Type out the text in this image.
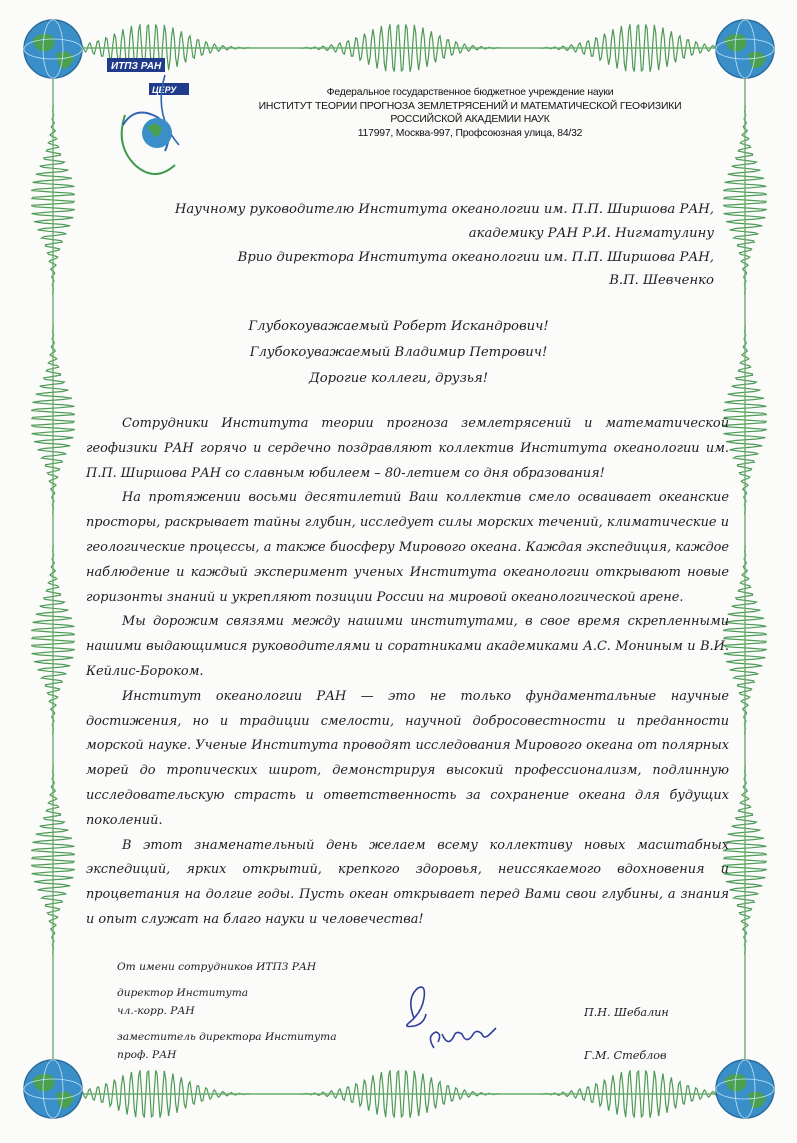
ИТПЗ РАН
ЦЕРУ	Федеральное государственное бюджетное учреждение науки
ИНСТИТУТ ТЕОРИИ ПРОГНОЗА ЗЕМЛЕТРЯСЕНИЙ И МАТЕМАТИЧЕСКОЙ ГЕОФИЗИКИ
РОССИЙСКОЙ АКАДЕМИИ НАУК
117997, Москва-997, Профсоюзная улица, 84/32
Научному руководителю Института океанологии им. П.П. Ширшова РАН,
академику РАН Р.И. Нигматулину
Врио директора Института океанологии им. П.П. Ширшова РАН,
В.П. Шевченко
Глубокоуважаемый Роберт Искандрович!
Глубокоуважаемый Владимир Петрович!
Дорогие коллеги, друзья!

Сотрудники Института теории прогноза землетрясений и математической геофизики РАН горячо и сердечно поздравляют коллектив Института океанологии им. П.П. Ширшова РАН со славным юбилеем – 80-летием со дня образования!

На протяжении восьми десятилетий Ваш коллектив смело осваивает океанские просторы, раскрывает тайны глубин, исследует силы морских течений, климатические и геологические процессы, а также биосферу Мирового океана. Каждая экспедиция, каждое наблюдение и каждый эксперимент ученых Института океанологии открывают новые горизонты знаний и укрепляют позиции России на мировой океанологической арене.

Мы дорожим связями между нашими институтами, в свое время скрепленными нашими выдающимися руководителями и соратниками академиками А.С. Мониным и В.И. Кейлис-Бороком.

Институт океанологии РАН — это не только фундаментальные научные достижения, но и традиции смелости, научной добросовестности и преданности морской науке. Ученые Института проводят исследования Мирового океана от полярных морей до тропических широт, демонстрируя высокий профессионализм, подлинную исследовательскую страсть и ответственность за сохранение океана для будущих поколений.

В этот знаменательный день желаем всему коллективу новых масштабных экспедиций, ярких открытий, крепкого здоровья, неиссякаемого вдохновения и процветания на долгие годы. Пусть океан открывает перед Вами свои глубины, а знания и опыт служат на благо науки и человечества!

От имени сотрудников ИТПЗ РАН
директор Института
чл.-корр. РАН
заместитель директора Института
проф. РАН
П.Н. Шебалин
Г.М. Стеблов
